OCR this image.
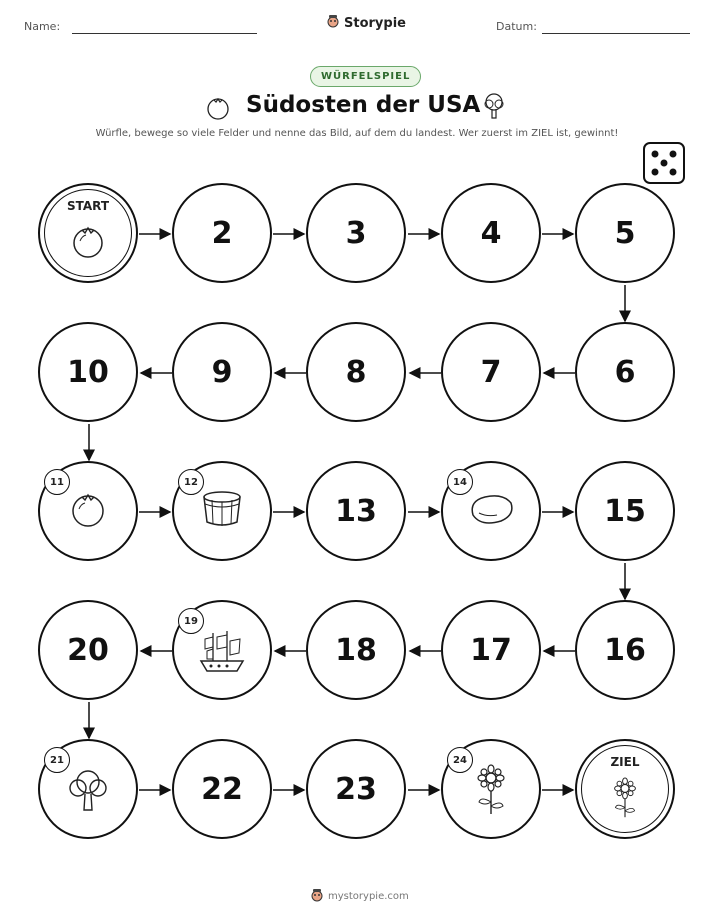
Name:	Storypie	Datum:
WÜRFELSPIEL
Südosten der USA
Würfle, bewege so viele Felder und nenne das Bild, auf dem du landest. Wer zuerst im ZIEL ist, gewinnt!
START
2	3	4	5
10	9	8	7	6
11	12
13
14
15
20
19
18	17	16
21
22	23
24	ZIEL
mystorypie.com
